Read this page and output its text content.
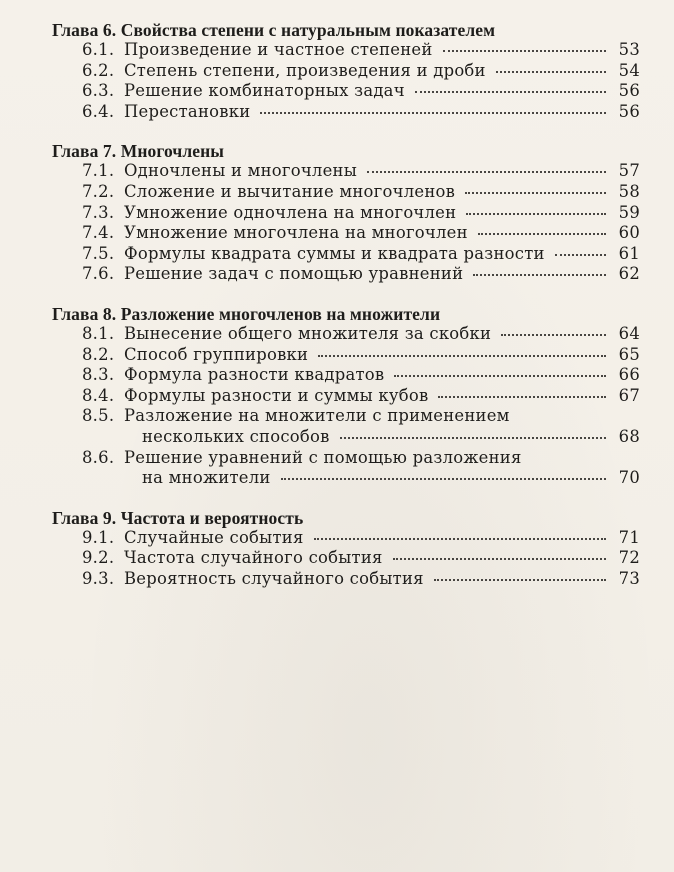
Глава 6. Свойства степени с натуральным показателем
6.1. Произведение и частное степеней	53
6.2. Степень степени, произведения и дроби	54
6.3. Решение комбинаторных задач	56
6.4. Перестановки	56
Глава 7. Многочлены
7.1. Одночлены и многочлены	57
7.2. Сложение и вычитание многочленов	58
7.3. Умножение одночлена на многочлен	59
7.4. Умножение многочлена на многочлен	60
7.5. Формулы квадрата суммы и квадрата разности	61
7.6. Решение задач с помощью уравнений	62
Глава 8. Разложение многочленов на множители
8.1. Вынесение общего множителя за скобки	64
8.2. Способ группировки	65
8.3. Формула разности квадратов	66
8.4. Формулы разности и суммы кубов	67
8.5. Разложение на множители с применением
нескольких способов	68
8.6. Решение уравнений с помощью разложения
на множители	70
Глава 9. Частота и вероятность
9.1. Случайные события	71
9.2. Частота случайного события	72
9.3. Вероятность случайного события	73
